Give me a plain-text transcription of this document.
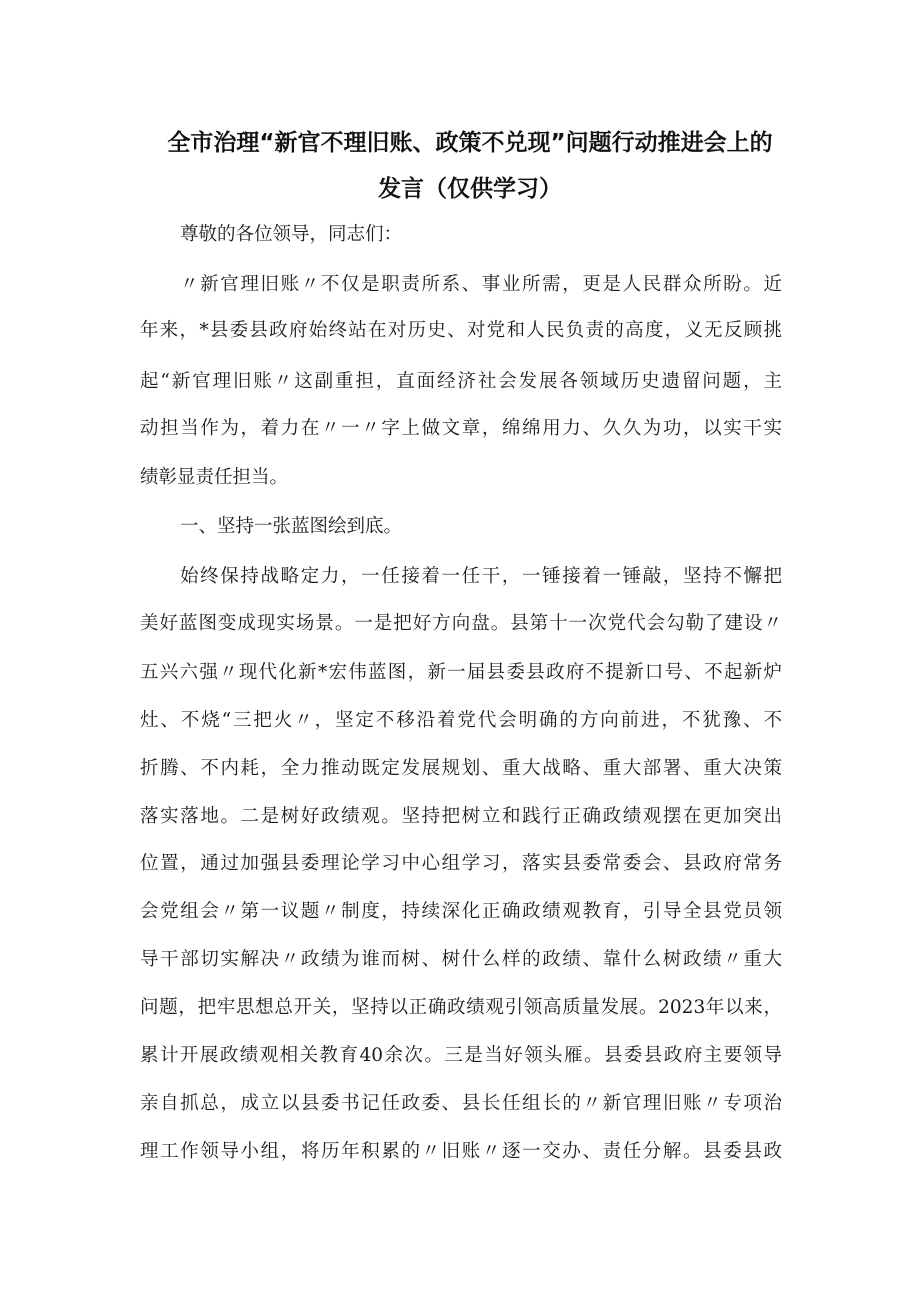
全市治理“新官不理旧账、政策不兑现”问题行动推进会上的
发言（仅供学习）
尊敬的各位领导，同志们：
〃新官理旧账〃不仅是职责所系、事业所需，更是人民群众所盼。近
年来，*县委县政府始终站在对历史、对党和人民负责的高度，义无反顾挑
起“新官理旧账〃这副重担，直面经济社会发展各领域历史遗留问题，主
动担当作为，着力在〃一〃字上做文章，绵绵用力、久久为功，以实干实
绩彰显责任担当。
一、坚持一张蓝图绘到底。
始终保持战略定力，一任接着一任干，一锤接着一锤敲，坚持不懈把
美好蓝图变成现实场景。一是把好方向盘。县第十一次党代会勾勒了建设〃
五兴六强〃现代化新*宏伟蓝图，新一届县委县政府不提新口号、不起新炉
灶、不烧“三把火〃，坚定不移沿着党代会明确的方向前进，不犹豫、不
折腾、不内耗，全力推动既定发展规划、重大战略、重大部署、重大决策
落实落地。二是树好政绩观。坚持把树立和践行正确政绩观摆在更加突出
位置，通过加强县委理论学习中心组学习，落实县委常委会、县政府常务
会党组会〃第一议题〃制度，持续深化正确政绩观教育，引导全县党员领
导干部切实解决〃政绩为谁而树、树什么样的政绩、靠什么树政绩〃重大
问题，把牢思想总开关，坚持以正确政绩观引领高质量发展。2023年以来，
累计开展政绩观相关教育40余次。三是当好领头雁。县委县政府主要领导
亲自抓总，成立以县委书记任政委、县长任组长的〃新官理旧账〃专项治
理工作领导小组，将历年积累的〃旧账〃逐一交办、责任分解。县委县政
